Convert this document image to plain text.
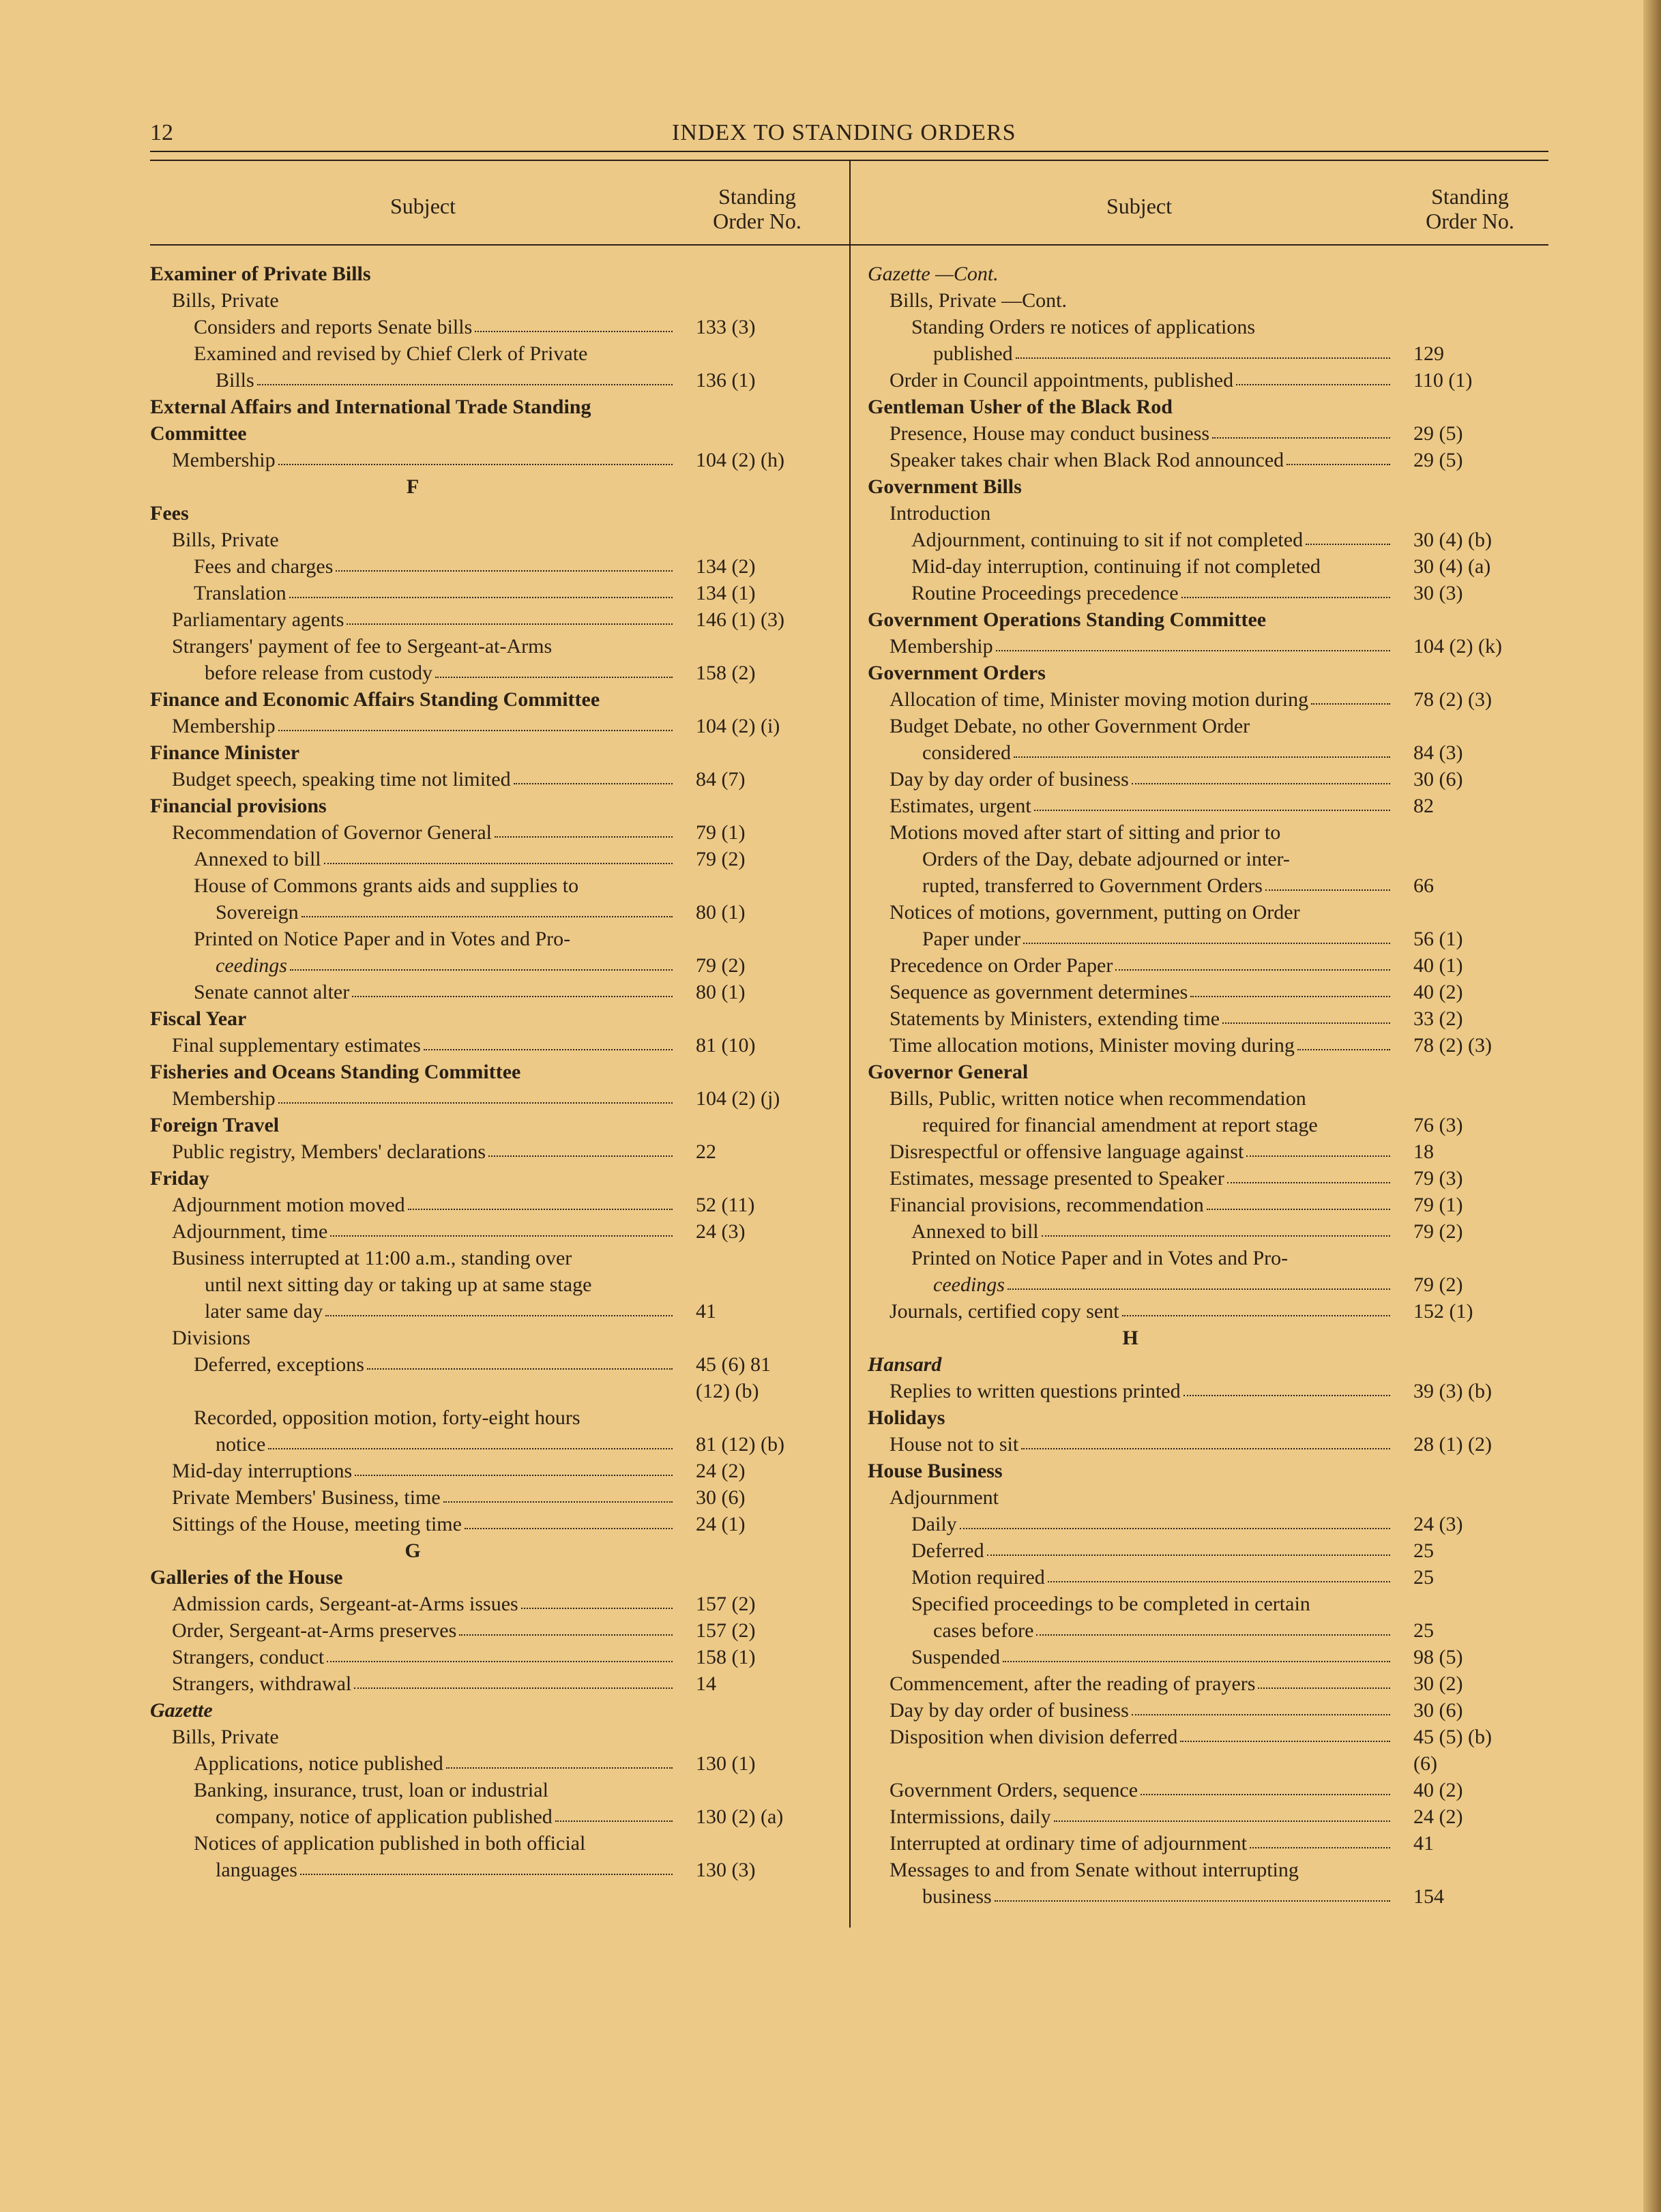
12	INDEX TO STANDING ORDERS
Subject	Standing
Order No.
Subject	Standing
Order No.
Examiner of Private Bills
Bills, Private
Considers and reports Senate bills	133 (3)
Examined and revised by Chief Clerk of Private
Bills	136 (1)
External Affairs and International Trade Standing
Committee
Membership	104 (2) (h)
F
Fees
Bills, Private
Fees and charges	134 (2)
Translation	134 (1)
Parliamentary agents	146 (1) (3)
Strangers' payment of fee to Sergeant-at-Arms
before release from custody	158 (2)
Finance and Economic Affairs Standing Committee
Membership	104 (2) (i)
Finance Minister
Budget speech, speaking time not limited	84 (7)
Financial provisions
Recommendation of Governor General	79 (1)
Annexed to bill	79 (2)
House of Commons grants aids and supplies to
Sovereign	80 (1)
Printed on Notice Paper and in Votes and Pro-
ceedings	79 (2)
Senate cannot alter	80 (1)
Fiscal Year
Final supplementary estimates	81 (10)
Fisheries and Oceans Standing Committee
Membership	104 (2) (j)
Foreign Travel
Public registry, Members' declarations	22
Friday
Adjournment motion moved	52 (11)
Adjournment, time	24 (3)
Business interrupted at 11:00 a.m., standing over
until next sitting day or taking up at same stage
later same day	41
Divisions
Deferred, exceptions	45 (6) 81
(12) (b)
Recorded, opposition motion, forty-eight hours
notice	81 (12) (b)
Mid-day interruptions	24 (2)
Private Members' Business, time	30 (6)
Sittings of the House, meeting time	24 (1)
G
Galleries of the House
Admission cards, Sergeant-at-Arms issues	157 (2)
Order, Sergeant-at-Arms preserves	157 (2)
Strangers, conduct	158 (1)
Strangers, withdrawal	14
Gazette
Bills, Private
Applications, notice published	130 (1)
Banking, insurance, trust, loan or industrial
company, notice of application published	130 (2) (a)
Notices of application published in both official
languages	130 (3)
Gazette —Cont.
Bills, Private —Cont.
Standing Orders re notices of applications
published	129
Order in Council appointments, published	110 (1)
Gentleman Usher of the Black Rod
Presence, House may conduct business	29 (5)
Speaker takes chair when Black Rod announced	29 (5)
Government Bills
Introduction
Adjournment, continuing to sit if not completed	30 (4) (b)
Mid-day interruption, continuing if not completed	30 (4) (a)
Routine Proceedings precedence	30 (3)
Government Operations Standing Committee
Membership	104 (2) (k)
Government Orders
Allocation of time, Minister moving motion during	78 (2) (3)
Budget Debate, no other Government Order
considered	84 (3)
Day by day order of business	30 (6)
Estimates, urgent	82
Motions moved after start of sitting and prior to
Orders of the Day, debate adjourned or inter-
rupted, transferred to Government Orders	66
Notices of motions, government, putting on Order
Paper under	56 (1)
Precedence on Order Paper	40 (1)
Sequence as government determines	40 (2)
Statements by Ministers, extending time	33 (2)
Time allocation motions, Minister moving during	78 (2) (3)
Governor General
Bills, Public, written notice when recommendation
required for financial amendment at report stage	76 (3)
Disrespectful or offensive language against	18
Estimates, message presented to Speaker	79 (3)
Financial provisions, recommendation	79 (1)
Annexed to bill	79 (2)
Printed on Notice Paper and in Votes and Pro-
ceedings	79 (2)
Journals, certified copy sent	152 (1)
H
Hansard
Replies to written questions printed	39 (3) (b)
Holidays
House not to sit	28 (1) (2)
House Business
Adjournment
Daily	24 (3)
Deferred	25
Motion required	25
Specified proceedings to be completed in certain
cases before	25
Suspended	98 (5)
Commencement, after the reading of prayers	30 (2)
Day by day order of business	30 (6)
Disposition when division deferred	45 (5) (b)
(6)
Government Orders, sequence	40 (2)
Intermissions, daily	24 (2)
Interrupted at ordinary time of adjournment	41
Messages to and from Senate without interrupting
business	154
